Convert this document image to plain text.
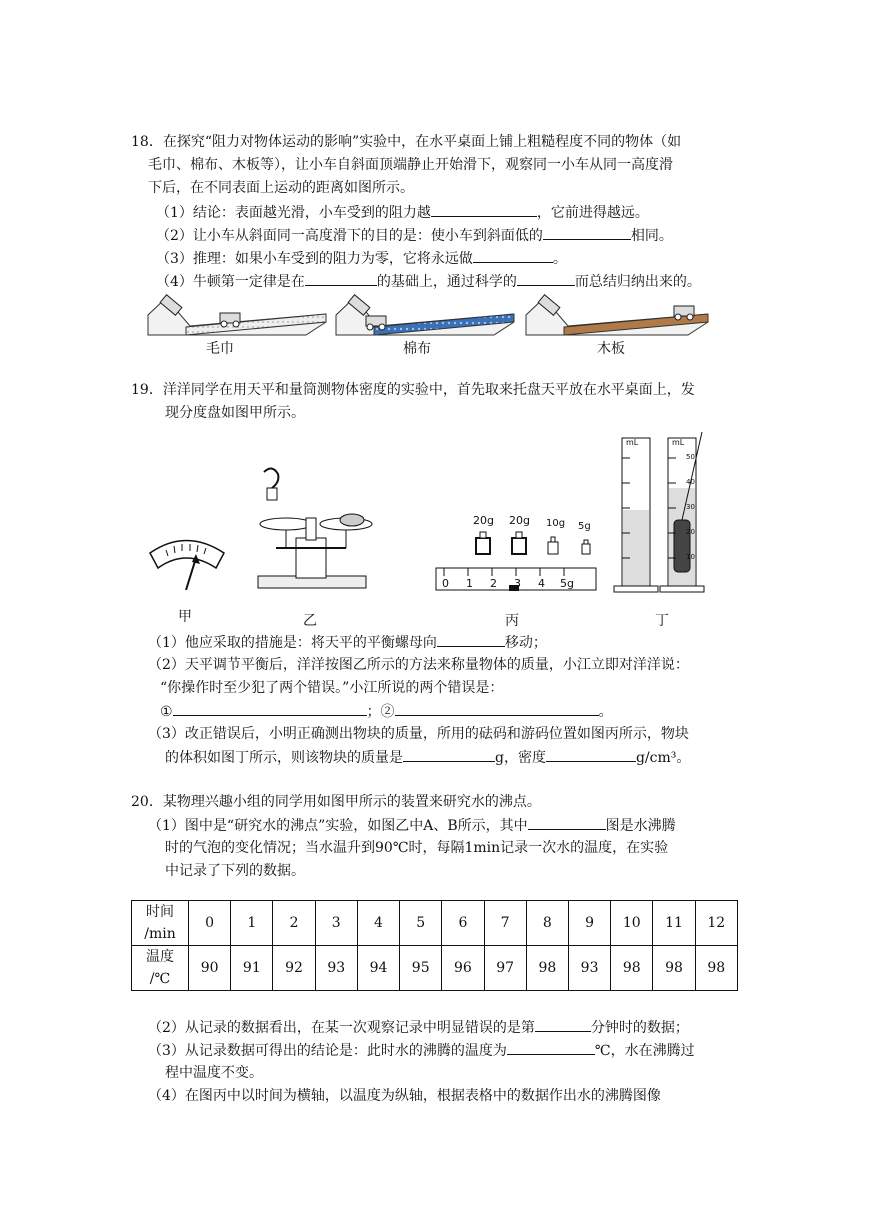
18．在探究“阻力对物体运动的影响”实验中，在水平桌面上铺上粗糙程度不同的物体（如
毛巾、棉布、木板等），让小车自斜面顶端静止开始滑下，观察同一小车从同一高度滑
下后，在不同表面上运动的距离如图所示。
（1）结论：表面越光滑，小车受到的阻力越	，它前进得越远。
（2）让小车从斜面同一高度滑下的目的是：使小车到斜面低的	相同。
（3）推理：如果小车受到的阻力为零，它将永远做	。
（4）牛顿第一定律是在	的基础上，通过科学的	而总结归纳出来的。
毛巾	棉布	木板
19．洋洋同学在用天平和量筒测物体密度的实验中，首先取来托盘天平放在水平桌面上，发
现分度盘如图甲所示。
20g 20g 10g 5g
0 1 2 3 4 5g
mL	mL
50
40
30
20
10
甲	乙	丙	丁
（1）他应采取的措施是：将天平的平衡螺母向	移动；
（2）天平调节平衡后，洋洋按图乙所示的方法来称量物体的质量，小江立即对洋洋说：
“你操作时至少犯了两个错误。”小江所说的两个错误是：
①	；②	。
（3）改正错误后，小明正确测出物块的质量，所用的砝码和游码位置如图丙所示，物块
的体积如图丁所示，则该物块的质量是	g，密度	g/cm³。
20．某物理兴趣小组的同学用如图甲所示的装置来研究水的沸点。
（1）图中是“研究水的沸点”实验，如图乙中A、B所示，其中	图是水沸腾
时的气泡的变化情况；当水温升到90℃时，每隔1min记录一次水的温度，在实验
中记录了下列的数据。
时间
/min	0	1	2	3	4	5	6	7	8	9	10	11	12
温度
/℃	90	91	92	93	94	95	96	97	98	93	98	98	98
（2）从记录的数据看出，在某一次观察记录中明显错误的是第	分钟时的数据；
（3）从记录数据可得出的结论是：此时水的沸腾的温度为	℃，水在沸腾过
程中温度不变。
（4）在图丙中以时间为横轴，以温度为纵轴，根据表格中的数据作出水的沸腾图像
